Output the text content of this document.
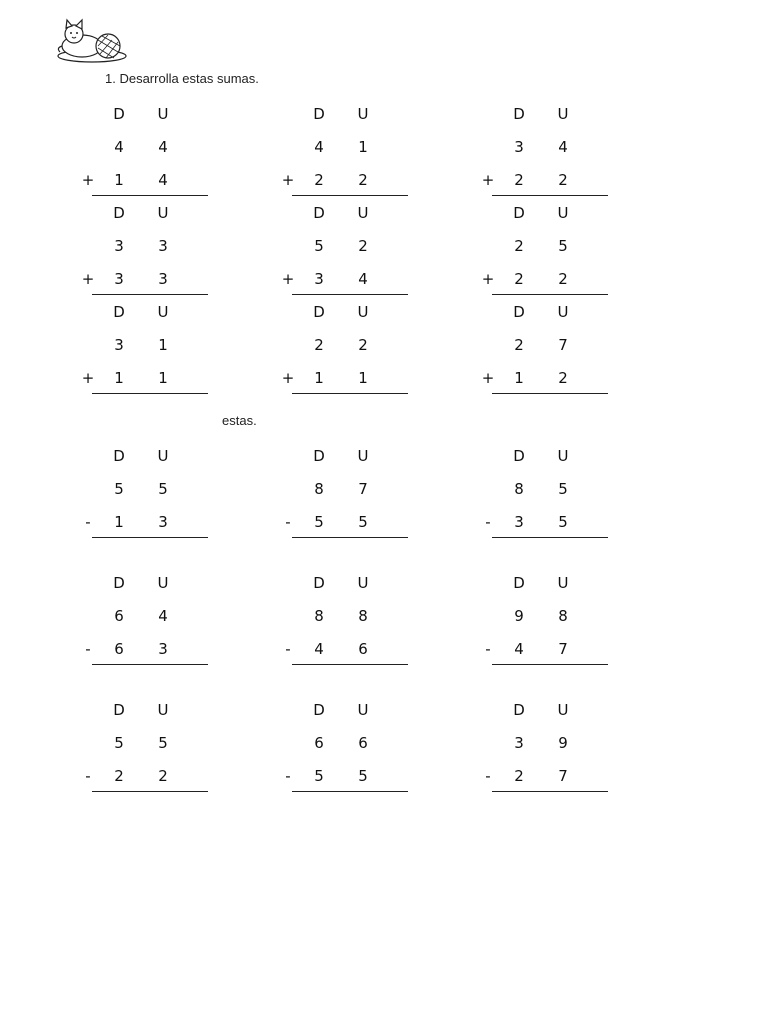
1. Desarrolla estas sumas.
estas.
D	U
4	4
+	1	4
D	U
4	1
+	2	2
D	U
3	4
+	2	2
D	U
3	3
+	3	3
D	U
5	2
+	3	4
D	U
2	5
+	2	2
D	U
3	1
+	1	1
D	U
2	2
+	1	1
D	U
2	7
+	1	2
D	U
5	5
-	1	3
D	U
8	7
-	5	5
D	U
8	5
-	3	5
D	U
6	4
-	6	3
D	U
8	8
-	4	6
D	U
9	8
-	4	7
D	U
5	5
-	2	2
D	U
6	6
-	5	5
D	U
3	9
-	2	7
